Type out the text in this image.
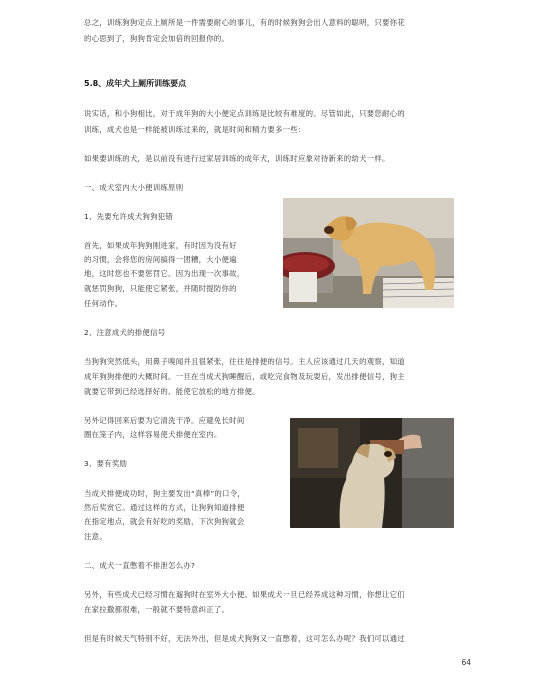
总之，训练狗狗定点上厕所是一件需要耐心的事儿，有的时候狗狗会出人意料的聪明，只要你花
的心思到了，狗狗肯定会加倍的回报你的。
5.8、成年犬上厕所训练要点
说实话，和小狗相比，对于成年狗的大小便定点训练是比较有难度的。尽管如此，只要您耐心的
训练，成犬也是一样能被训练过来的，就是时间和精力要多一些：
如果要训练的犬，是以前没有进行过家居训练的成年犬，训练时应象对待新来的幼犬一样。
一、成犬室内大小便训练原则
1、先要允许成犬狗狗犯错
首先，如果成年狗狗刚进家，有时因为没有好
的习惯，会将您的房间搞得一团糟，大小便遍
地，这时您也不要惩罚它。因为出现一次事故，
就惩罚狗狗，只能使它紧张，并随时提防你的
任何动作。
2、注意成犬的排便信号
当狗狗突然低头，用鼻子嗅闻并且很紧张，往往是排便的信号。主人应该通过几天的观察，知道
成年狗狗排便的大概时间。一旦在当成犬狗睡醒后，或吃完食物及玩耍后，发出排便信号，狗主
就要它带到已经选择好的、能使它放松的地方排便。
另外记得回来后要为它清洗干净。应避免长时间
圈在笼子内，这样容易使犬排便在室内。
3、要有奖励
当成犬排便成功时，狗主要发出“真棒”的口令，
然后奖赏它。通过这样的方式，让狗狗知道排便
在指定地点，就会有好吃的奖励，下次狗狗就会
注意。
二、成犬一直憋着不排泄怎么办?
另外，有些成犬已经习惯在遛狗时在室外大小便。如果成犬一旦已经养成这种习惯，你想让它们
在家拉撒都很难，一般就不要特意纠正了。
但是有时候天气特别不好，无法外出，但是成犬狗狗又一直憋着，这可怎么办呢？我们可以通过
64
